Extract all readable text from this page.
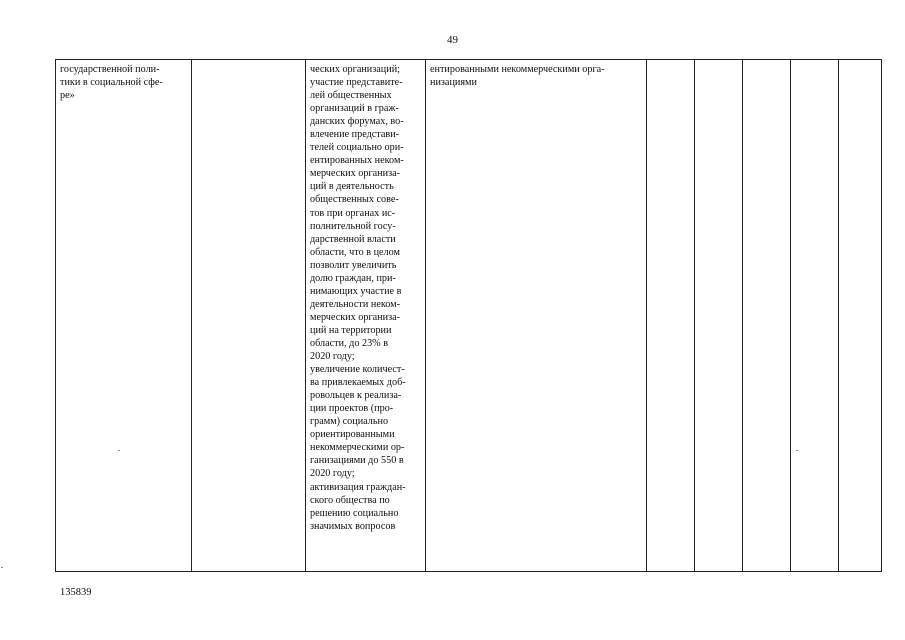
49
государственной поли-
тики в социальной сфе-
ре»

ческих организаций;
участие представите-
лей общественных
организаций в граж-
данских форумах, во-
влечение представи-
телей социально ори-
ентированных неком-
мерческих организа-
ций в деятельность
общественных сове-
тов при органах ис-
полнительной госу-
дарственной власти
области, что в целом
позволит увеличить
долю граждан, при-
нимающих участие в
деятельности неком-
мерческих организа-
ций на территории
области, до 23% в
2020 году;
увеличение количест-
ва привлекаемых доб-
ровольцев к реализа-
ции проектов (про-
грамм) социально
ориентированными
некоммерческими ор-
ганизациями до 550 в
2020 году;
активизация граждан-
ского общества по
решению социально
значимых вопросов

ентированными некоммерческими орга-
низациями

135839
